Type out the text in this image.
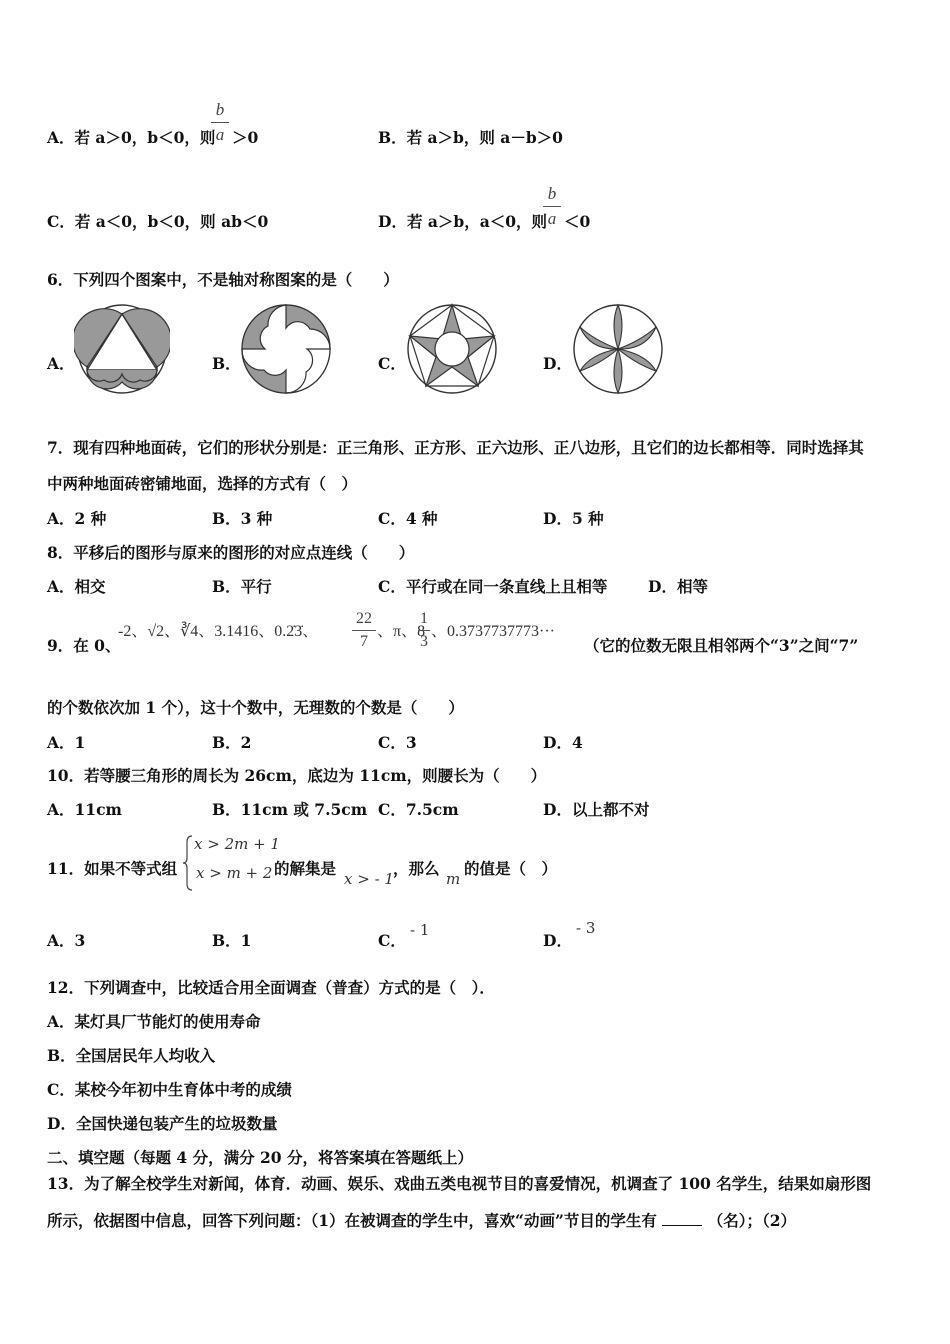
A．若 a＞0，b＜0，则
b
a ＞0	B．若 a＞b，则 a－b＞0
C．若 a＜0，b＜0，则 ab＜0	D．若 a＞b，a＜0，则
b
a ＜0
6．下列四个图案中，不是轴对称图案的是（　　）
A．	B．	C．	D．
7．现有四种地面砖，它们的形状分别是：正三角形、正方形、正六边形、正八边形，且它们的边长都相等．同时选择其
中两种地面砖密铺地面，选择的方式有（　）
A．2 种	B．3 种	C．4 种	D．5 种
8．平移后的图形与原来的图形的对应点连线（　　）
A．相交	B．平行	C．平行或在同一条直线上且相等	D．相等
9．在 0、
-2、√2、∛4、3.1416、0.2̇3̇、
22
7
、π、8
1
3
、0.3737737773···
（它的位数无限且相邻两个“3”之间“7”
的个数依次加 1 个），这十个数中，无理数的个数是（　　）
A．1	B．2	C．3	D．4
10．若等腰三角形的周长为 26cm，底边为 11cm，则腰长为（　　）
A．11cm	B．11cm 或 7.5cm C．7.5cm	D．以上都不对
11．如果不等式组
x > 2m + 1
x > m + 2 的解集是
x > - 1
，那么
m
的值是（　）
A．3	B．1	C．
- 1
D．
- 3
12．下列调查中，比较适合用全面调查（普查）方式的是（　）．
A．某灯具厂节能灯的使用寿命
B．全国居民年人均收入
C．某校今年初中生育体中考的成绩
D．全国快递包装产生的垃圾数量
二、填空题（每题 4 分，满分 20 分，将答案填在答题纸上）
13．为了解全校学生对新闻，体育．动画、娱乐、戏曲五类电视节目的喜爱情况，机调查了 100 名学生，结果如扇形图
所示，依据图中信息，回答下列问题：（1）在被调查的学生中，喜欢“动画”节目的学生有	（名）；（2）
